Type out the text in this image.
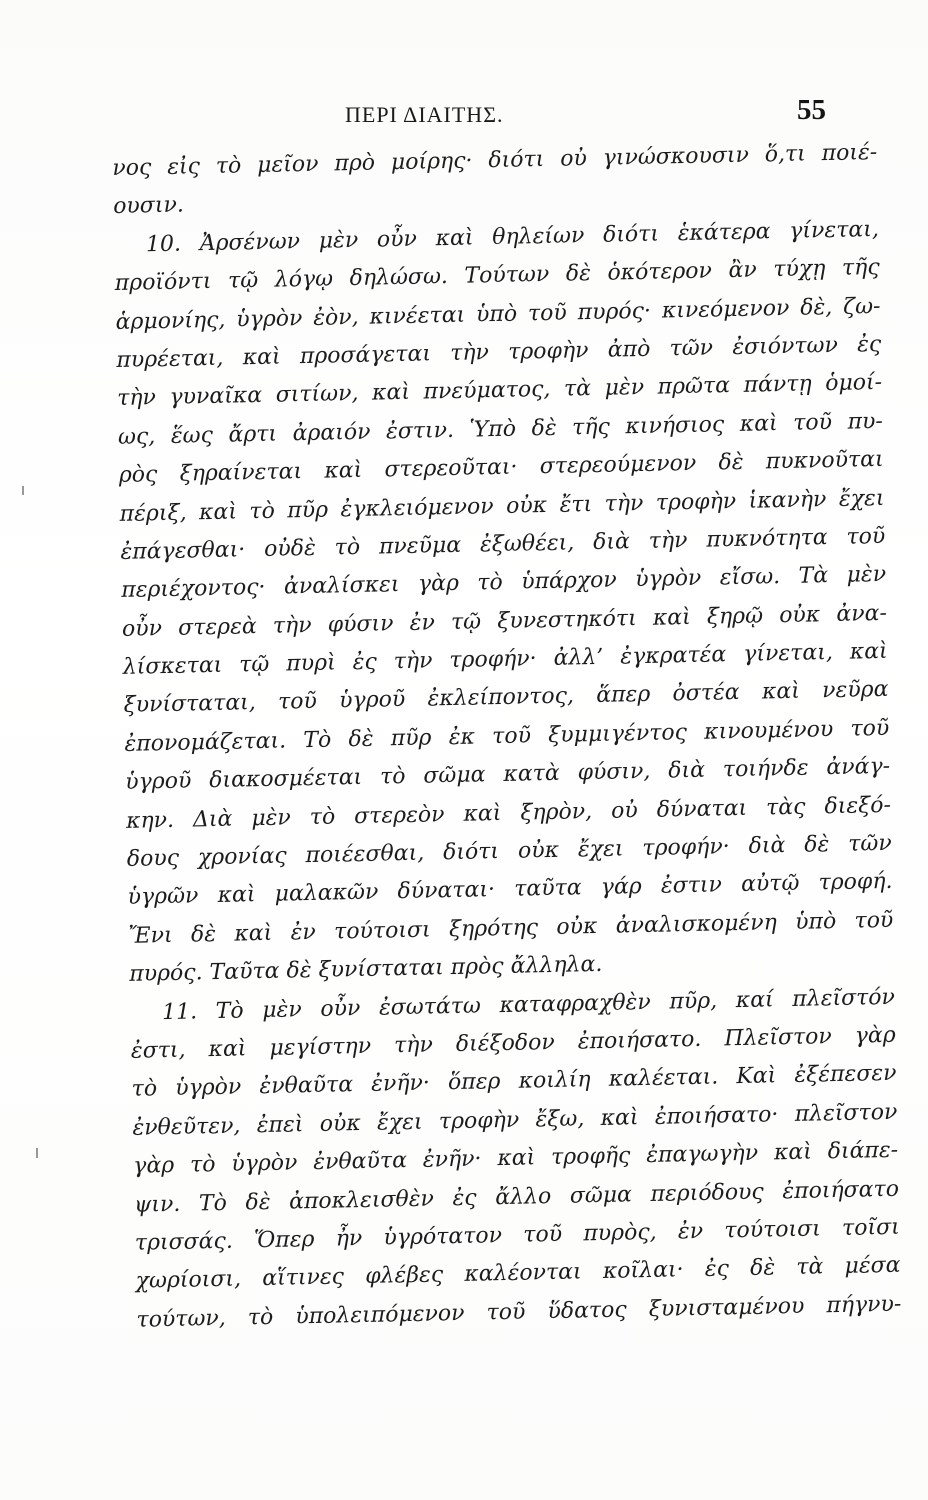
ΠΕΡΙ ΔΙΑΙΤΗΣ.	55
νος εἰς τὸ μεῖον πρὸ μοίρης· διότι οὐ γινώσκουσιν ὅ,τι ποιέ-
ουσιν.
10. Ἀρσένων μὲν οὖν καὶ θηλείων διότι ἑκάτερα γίνεται,
προϊόντι τῷ λόγῳ δηλώσω. Τούτων δὲ ὁκότερον ἂν τύχῃ τῆς
ἁρμονίης, ὑγρὸν ἐὸν, κινέεται ὑπὸ τοῦ πυρός· κινεόμενον δὲ, ζω-
πυρέεται, καὶ προσάγεται τὴν τροφὴν ἀπὸ τῶν ἐσιόντων ἐς
τὴν γυναῖκα σιτίων, καὶ πνεύματος, τὰ μὲν πρῶτα πάντῃ ὁμοί-
ως, ἕως ἄρτι ἀραιόν ἐστιν. Ὑπὸ δὲ τῆς κινήσιος καὶ τοῦ πυ-
ρὸς ξηραίνεται καὶ στερεοῦται· στερεούμενον δὲ πυκνοῦται
πέριξ, καὶ τὸ πῦρ ἐγκλειόμενον οὐκ ἔτι τὴν τροφὴν ἱκανὴν ἔχει
ἐπάγεσθαι· οὐδὲ τὸ πνεῦμα ἐξωθέει, διὰ τὴν πυκνότητα τοῦ
περιέχοντος· ἀναλίσκει γὰρ τὸ ὑπάρχον ὑγρὸν εἴσω. Τὰ μὲν
οὖν στερεὰ τὴν φύσιν ἐν τῷ ξυνεστηκότι καὶ ξηρῷ οὐκ ἀνα-
λίσκεται τῷ πυρὶ ἐς τὴν τροφήν· ἀλλ’ ἐγκρατέα γίνεται, καὶ
ξυνίσταται, τοῦ ὑγροῦ ἐκλείποντος, ἅπερ ὀστέα καὶ νεῦρα
ἐπονομάζεται. Τὸ δὲ πῦρ ἐκ τοῦ ξυμμιγέντος κινουμένου τοῦ
ὑγροῦ διακοσμέεται τὸ σῶμα κατὰ φύσιν, διὰ τοιήνδε ἀνάγ-
κην. Διὰ μὲν τὸ στερεὸν καὶ ξηρὸν, οὐ δύναται τὰς διεξό-
δους χρονίας ποιέεσθαι, διότι οὐκ ἔχει τροφήν· διὰ δὲ τῶν
ὑγρῶν καὶ μαλακῶν δύναται· ταῦτα γάρ ἐστιν αὐτῷ τροφή.
Ἔνι δὲ καὶ ἐν τούτοισι ξηρότης οὐκ ἀναλισκομένη ὑπὸ τοῦ
πυρός. Ταῦτα δὲ ξυνίσταται πρὸς ἄλληλα.
11. Τὸ μὲν οὖν ἐσωτάτω καταφραχθὲν πῦρ, καί πλεῖστόν
ἐστι, καὶ μεγίστην τὴν διέξοδον ἐποιήσατο. Πλεῖστον γὰρ
τὸ ὑγρὸν ἐνθαῦτα ἐνῆν· ὅπερ κοιλίη καλέεται. Καὶ ἐξέπεσεν
ἐνθεῦτεν, ἐπεὶ οὐκ ἔχει τροφὴν ἔξω, καὶ ἐποιήσατο· πλεῖστον
γὰρ τὸ ὑγρὸν ἐνθαῦτα ἐνῆν· καὶ τροφῆς ἐπαγωγὴν καὶ διάπε-
ψιν. Τὸ δὲ ἀποκλεισθὲν ἐς ἄλλο σῶμα περιόδους ἐποιήσατο
τρισσάς. Ὅπερ ἦν ὑγρότατον τοῦ πυρὸς, ἐν τούτοισι τοῖσι
χωρίοισι, αἵτινες φλέβες καλέονται κοῖλαι· ἐς δὲ τὰ μέσα
τούτων, τὸ ὑπολειπόμενον τοῦ ὕδατος ξυνισταμένου πήγνυ-
